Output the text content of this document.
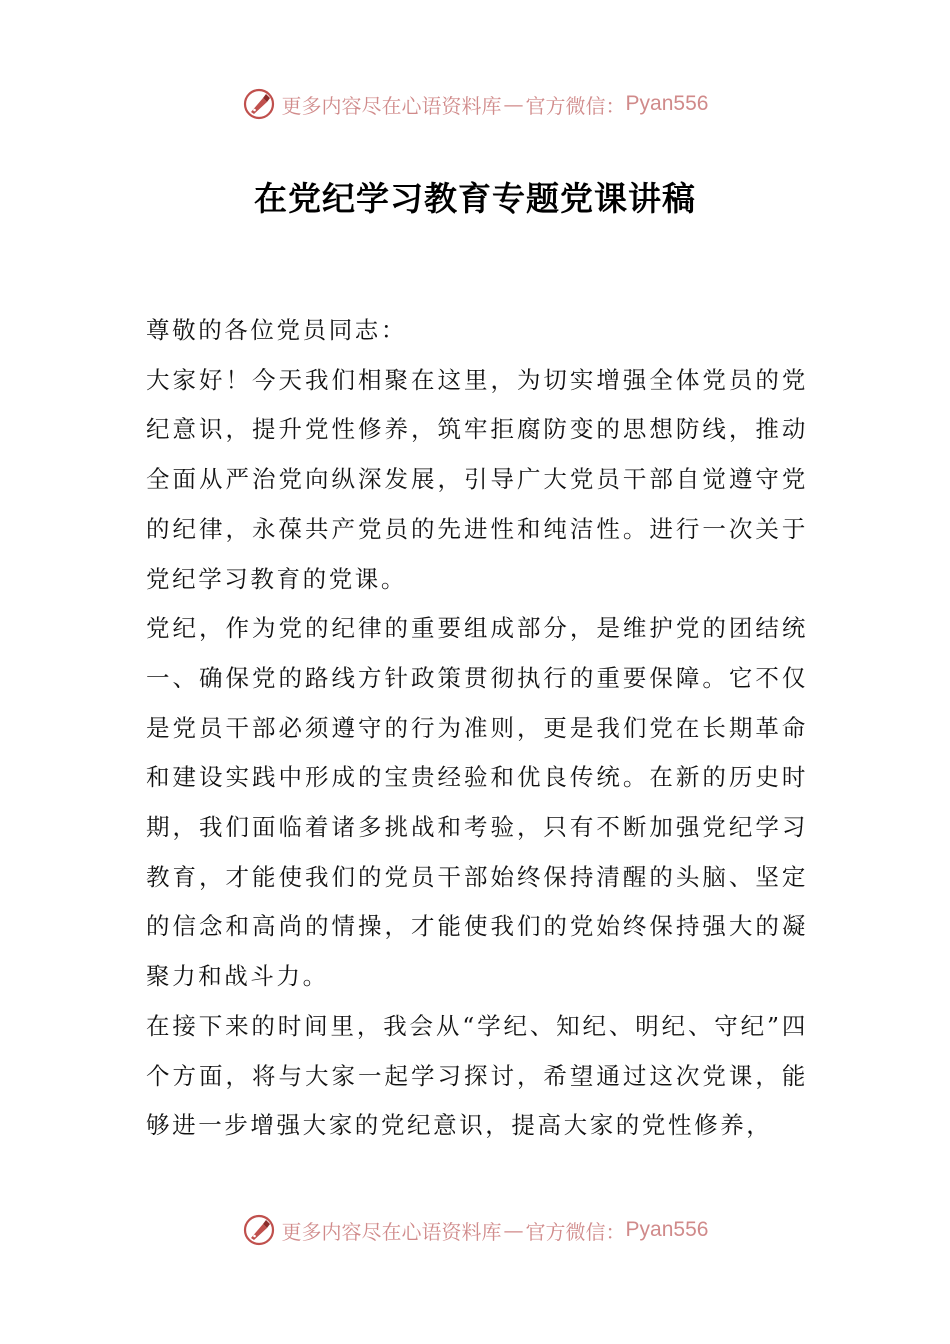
更多内容尽在心语资料库 — 官方微信： Pyan556
在党纪学习教育专题党课讲稿

尊敬的各位党员同志：

大家好！今天我们相聚在这里，为切实增强全体党员的党纪意识，提升党性修养，筑牢拒腐防变的思想防线，推动全面从严治党向纵深发展，引导广大党员干部自觉遵守党的纪律，永葆共产党员的先进性和纯洁性。进行一次关于党纪学习教育的党课。

党纪，作为党的纪律的重要组成部分，是维护党的团结统一、确保党的路线方针政策贯彻执行的重要保障。它不仅是党员干部必须遵守的行为准则，更是我们党在长期革命和建设实践中形成的宝贵经验和优良传统。在新的历史时期，我们面临着诸多挑战和考验，只有不断加强党纪学习教育，才能使我们的党员干部始终保持清醒的头脑、坚定的信念和高尚的情操，才能使我们的党始终保持强大的凝聚力和战斗力。

在接下来的时间里，我会从“学纪、知纪、明纪、守纪”四个方面，将与大家一起学习探讨，希望通过这次党课，能够进一步增强大家的党纪意识，提高大家的党性修养，

更多内容尽在心语资料库 — 官方微信： Pyan556
